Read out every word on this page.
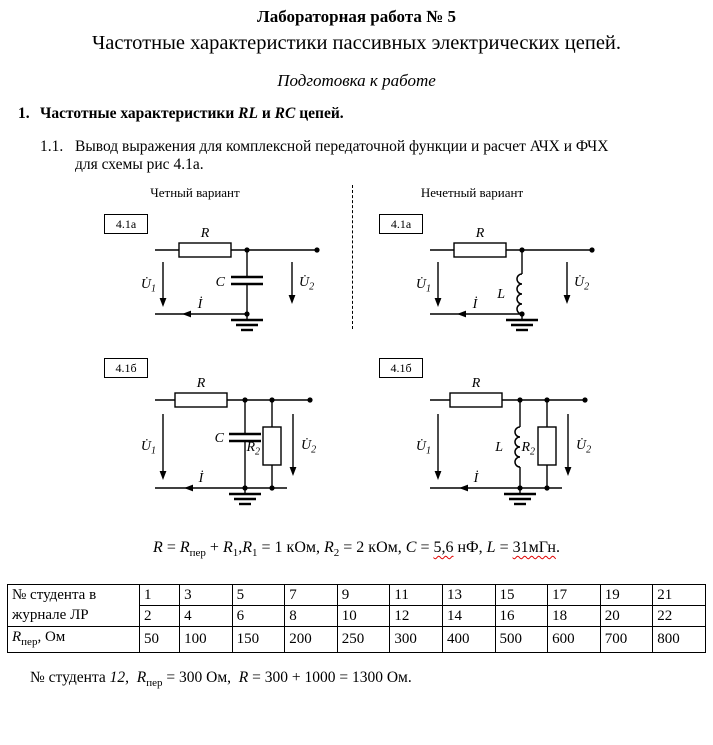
Лабораторная работа № 5
Частотные характеристики пассивных электрических цепей.
Подготовка к работе
1. Частотные характеристики RL и RC цепей.
1.1. Вывод выражения для комплексной передаточной функции и расчет АЧХ и ФЧХ для схемы рис 4.1а.
Четный вариант	Нечетный вариант
4.1а	4.1а
4.1б	4.1б
R
C
$U̇_1$	$U̇_2$
İ
R
L
$U̇_1$	$U̇_2$
İ
R
C
$R_2$
$U̇_1$	$U̇_2$
İ
R
L $R_2$
$U̇_1$	$U̇_2$
İ
$R = R_{пер} + R_1,R_1 = 1$ кОм, $R_2 = 2$ кОм, C = 5,6 нФ, L = 31мГн.
№ студента в журнале ЛР	1	3	5	7	9	11	13	15	17	19	21
	2	4	6	8	10	12	14	16	18	20	22
$R_{пер}$, Ом	50	100	150	200	250	300	400	500	600	700	800
№ студента 12,  $R_{пер} = 300$ Ом,  R = 300 + 1000 = 1300 Ом.
